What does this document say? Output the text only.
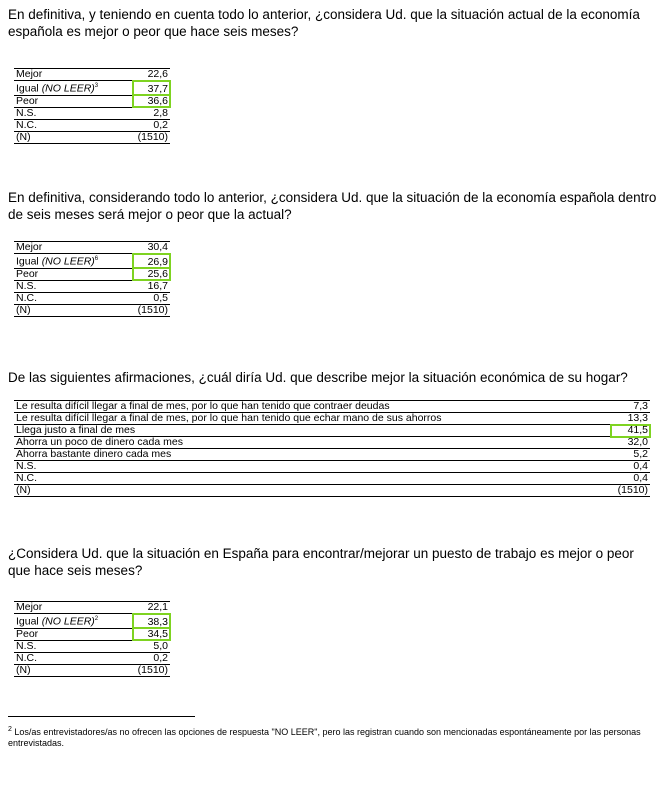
En definitiva, y teniendo en cuenta todo lo anterior, ¿considera Ud. que la situación actual de la economía española es mejor o peor que hace seis meses?
Mejor	22,6
Igual (NO LEER)$^3$	37,7
Peor	36,6
N.S.	2,8
N.C.	0,2
(N)	(1510)
En definitiva, considerando todo lo anterior, ¿considera Ud. que la situación de la economía española dentro de seis meses será mejor o peor que la actual?
Mejor	30,4
Igual (NO LEER)$^6$	26,9
Peor	25,6
N.S.	16,7
N.C.	0,5
(N)	(1510)
De las siguientes afirmaciones, ¿cuál diría Ud. que describe mejor la situación económica de su hogar?
Le resulta difícil llegar a final de mes, por lo que han tenido que contraer deudas	7,3
Le resulta difícil llegar a final de mes, por lo que han tenido que echar mano de sus ahorros	13,3
Llega justo a final de mes	41,5
Ahorra un poco de dinero cada mes	32,0
Ahorra bastante dinero cada mes	5,2
N.S.	0,4
N.C.	0,4
(N)	(1510)
¿Considera Ud. que la situación en España para encontrar/mejorar un puesto de trabajo es mejor o peor que hace seis meses?
Mejor	22,1
Igual (NO LEER)$^2$	38,3
Peor	34,5
N.S.	5,0
N.C.	0,2
(N)	(1510)
$^2$ Los/as entrevistadores/as no ofrecen las opciones de respuesta "NO LEER", pero las registran cuando son mencionadas espontáneamente por las personas entrevistadas.
